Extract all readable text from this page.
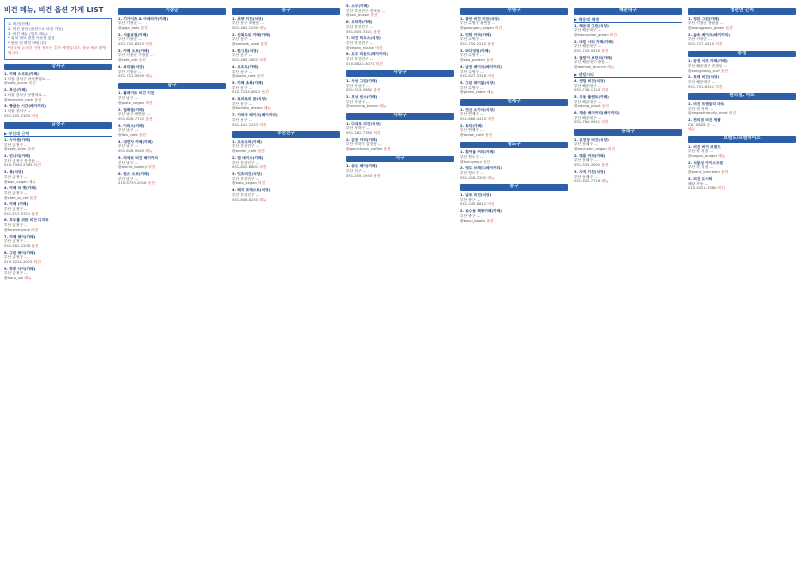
비건 메뉴, 비건 옵션 가게 LIST
1. 비건(전체)
2. 비건 옵션 (옵션으로 비건 가능)
3. 비건 메뉴 (일부 메뉴)
* 위치 정보 변경 가능성 있음
* 방문 전 확인 바랍니다
*한국의 논비건 식당 정보는 추가 예정입니다. 정보 제보 환영합니다.
강서구
1. 카페 스크로(카페)
1 서울 강서구 마곡중앙로 ...
@cafe_sucro 비건
2. 목신(카페)
1 서울 강서구 공항대로 ...
@mokshin_cafe 옵션
3. 빵굽는 시간(베이커리)
1 서울 강서구 ...
051-203-2105 비건
금정구
▶ 부산대 근처
1. 사이렌(카페)
부산 금정구 ...
@cafe_siren 옵션
2. 빈나리(카페)
부산 금정구 장전동 ...
010-7949-2365 비건
3. 복(식당)
부산 금정구 ...
@bok_vegan 메뉴
4. 카페 라 벳(카페)
부산 금정구 ...
@cafe_la_vet 옵션
5. 카페 (카페)
부산 금정구 ...
051-517-5721 옵션
6. 모두를 위한 비건 디저트
부산 금정구 ...
@foreveryone 비건
7. 카페 헤이(카페)
부산 금정구 ...
051-581-2208 옵션
8. 그린 페어(카페)
부산 금정구 ...
010-3224-2025 비건
9. 하루 사이(카페)
부산 금정구 ...
@haru_sai 메뉴
기장군
1. 기가이츠 & 아메리카(카페)
부산 기장군 ...
@giga_eats 옵션
2. 서울로컬(카페)
부산 기장군 ...
051-722-8523 비건
3. 카페 오브(카페)
부산 기장군 기장읍 ...
@cafe_orb 옵션
4. 보리밭(식당)
부산 기장군 ...
051-721-9630 메뉴
남구
1. 플레이트 비건 키친
부산 남구 ...
@plate_vegan 비건
2. 얼룩말(카페)
부산 남구 대연동 ...
051-626-7722 옵션
3. 이비스(카페)
부산 남구 ...
@ibis_cafe 옵션
4. 대연자 카페(카페)
부산 남구 ...
051-628-9045 메뉴
5. 피에르 비건 베이커리
부산 남구 ...
@pierre_bakery 비건
6. 원스 오브(카페)
부산 남구 ...
010-5733-2016 옵션
동구
1. 초량 키친(식당)
부산 동구 초량동 ...
051-462-1530 메뉴
2. 산복도로 카페(카페)
부산 동구 ...
@sanbok_road 옵션
3. 한그릇(식당)
부산 동구 ...
051-465-1802 비건
4. 오조도(카페)
부산 동구 ...
@ojodo_cafe 옵션
5. 카페 초록(카페)
부산 동구 ...
010-7245-6612 옵션
6. 토마토의 꿈(식당)
부산 동구 ...
@tomato_dream 메뉴
7. 이바구 베이크(베이커리)
부산 동구 ...
051-441-2253 비건
부산진구
1. 오르오퍼(카페)
부산 부산진구 ...
@orofer_cafe 옵션
2. 엠 데이스(카페)
부산 부산진구 ...
051-802-8801 비건
3. 잇츠비건(식당)
부산 부산진구 ...
@eats_vegan 비건
4. 베지 포레스트(식당)
부산 부산진구 ...
051-808-8255 메뉴
5. 소우(카페)
부산 부산진구 전포동 ...
@sou_busan 옵션
6. 오하루(카페)
부산 부산진구 ...
051-805-3321 옵션
7. 비건 하우스(식당)
부산 부산진구 ...
@vegan_house 비건
8. 도우 라운드(베이커리)
부산 부산진구 ...
010-8822-4071 비건
사상구
1. 사상 그린(카페)
부산 사상구 ...
051-313-4582 옵션
2. 모닝 빈스(카페)
부산 사상구 ...
@morning_beans 메뉴
사하구
1. 다대포 비건(식당)
부산 사하구 ...
051-262-7780 비건
2. 감천 커피(카페)
부산 사하구 감천동 ...
@gamcheon_coffee 옵션
서구
1. 송도 베이(카페)
부산 서구 ...
051-255-1933 옵션
수영구
1. 광안 비건 키친(식당)
부산 수영구 광안동 ...
@gwangan_vegan 비건
2. 민락 커피(카페)
부산 수영구 ...
051-754-2210 옵션
3. 바다정원(카페)
부산 수영구 ...
@sea_garden 옵션
4. 남천 베이크(베이커리)
부산 수영구 ...
051-627-3318 비건
5. 그린 테이블(식당)
부산 수영구 ...
@green_table 메뉴
연제구
1. 연산 오가닉(식당)
부산 연제구 ...
051-866-4410 비건
2. 토닥(카페)
부산 연제구 ...
@todak_cafe 옵션
영도구
1. 흰여울 커피(카페)
부산 영도구 ...
@huinyeoul 옵션
2. 영도 브레드(베이커리)
부산 영도구 ...
051-418-2205 메뉴
중구
1. 남포 비건(식당)
부산 중구 ...
051-245-8812 비건
2. 보수동 책방카페(카페)
부산 중구 ...
@bosu_books 옵션
해운대구
▶ 해운대 해변
1. 해운대 그린(식당)
부산 해운대구 ...
@haeundae_green 비건
2. 마린 시티 카페(카페)
부산 해운대구 ...
051-743-5520 옵션
3. 달맞이 브런치(카페)
부산 해운대구 중동 ...
@dalmaji_brunch 메뉴
▶ 센텀시티
4. 센텀 비건(식당)
부산 해운대구 ...
051-746-1124 비건
5. 우동 플랜트(카페)
부산 해운대구 ...
@udong_plant 옵션
6. 재송 베이커리(베이커리)
부산 해운대구 ...
051-784-9921 비건
동래구
1. 온천장 비건(식당)
부산 동래구 ...
@oncheon_vegan 비건
2. 명륜 커피(카페)
부산 동래구 ...
051-555-3092 옵션
3. 사직 키친(식당)
부산 동래구 ...
051-502-7716 메뉴
정관면 근처
1. 정관 그린(카페)
부산 기장군 정관읍 ...
@jeonggwan_green 옵션
2. 숲속 베이크(베이커리)
부산 기장군 ...
051-727-4410 비건
송정
1. 송정 서프 카페(카페)
부산 해운대구 송정동 ...
@songjeong_surf 옵션
2. 포레 비건(식당)
부산 해운대구 ...
051-701-8321 비건
편의점, 마트
1. 비건 프렌들리 마트
부산 전 지역 ...
@veganfriendly_mart 비건
2. 편의점 비건 제품
CU, GS25 등 ...
메뉴
브랜드/프랜차이즈
1. 비건 버거 브랜드
부산 각 지점 ...
@vegan_burger 메뉴
2. 식물성 아이스크림
부산 각 지점 ...
@plant_icecream 옵션
3. 비건 도시락
배달 가능 ...
010-4421-3380 비건
